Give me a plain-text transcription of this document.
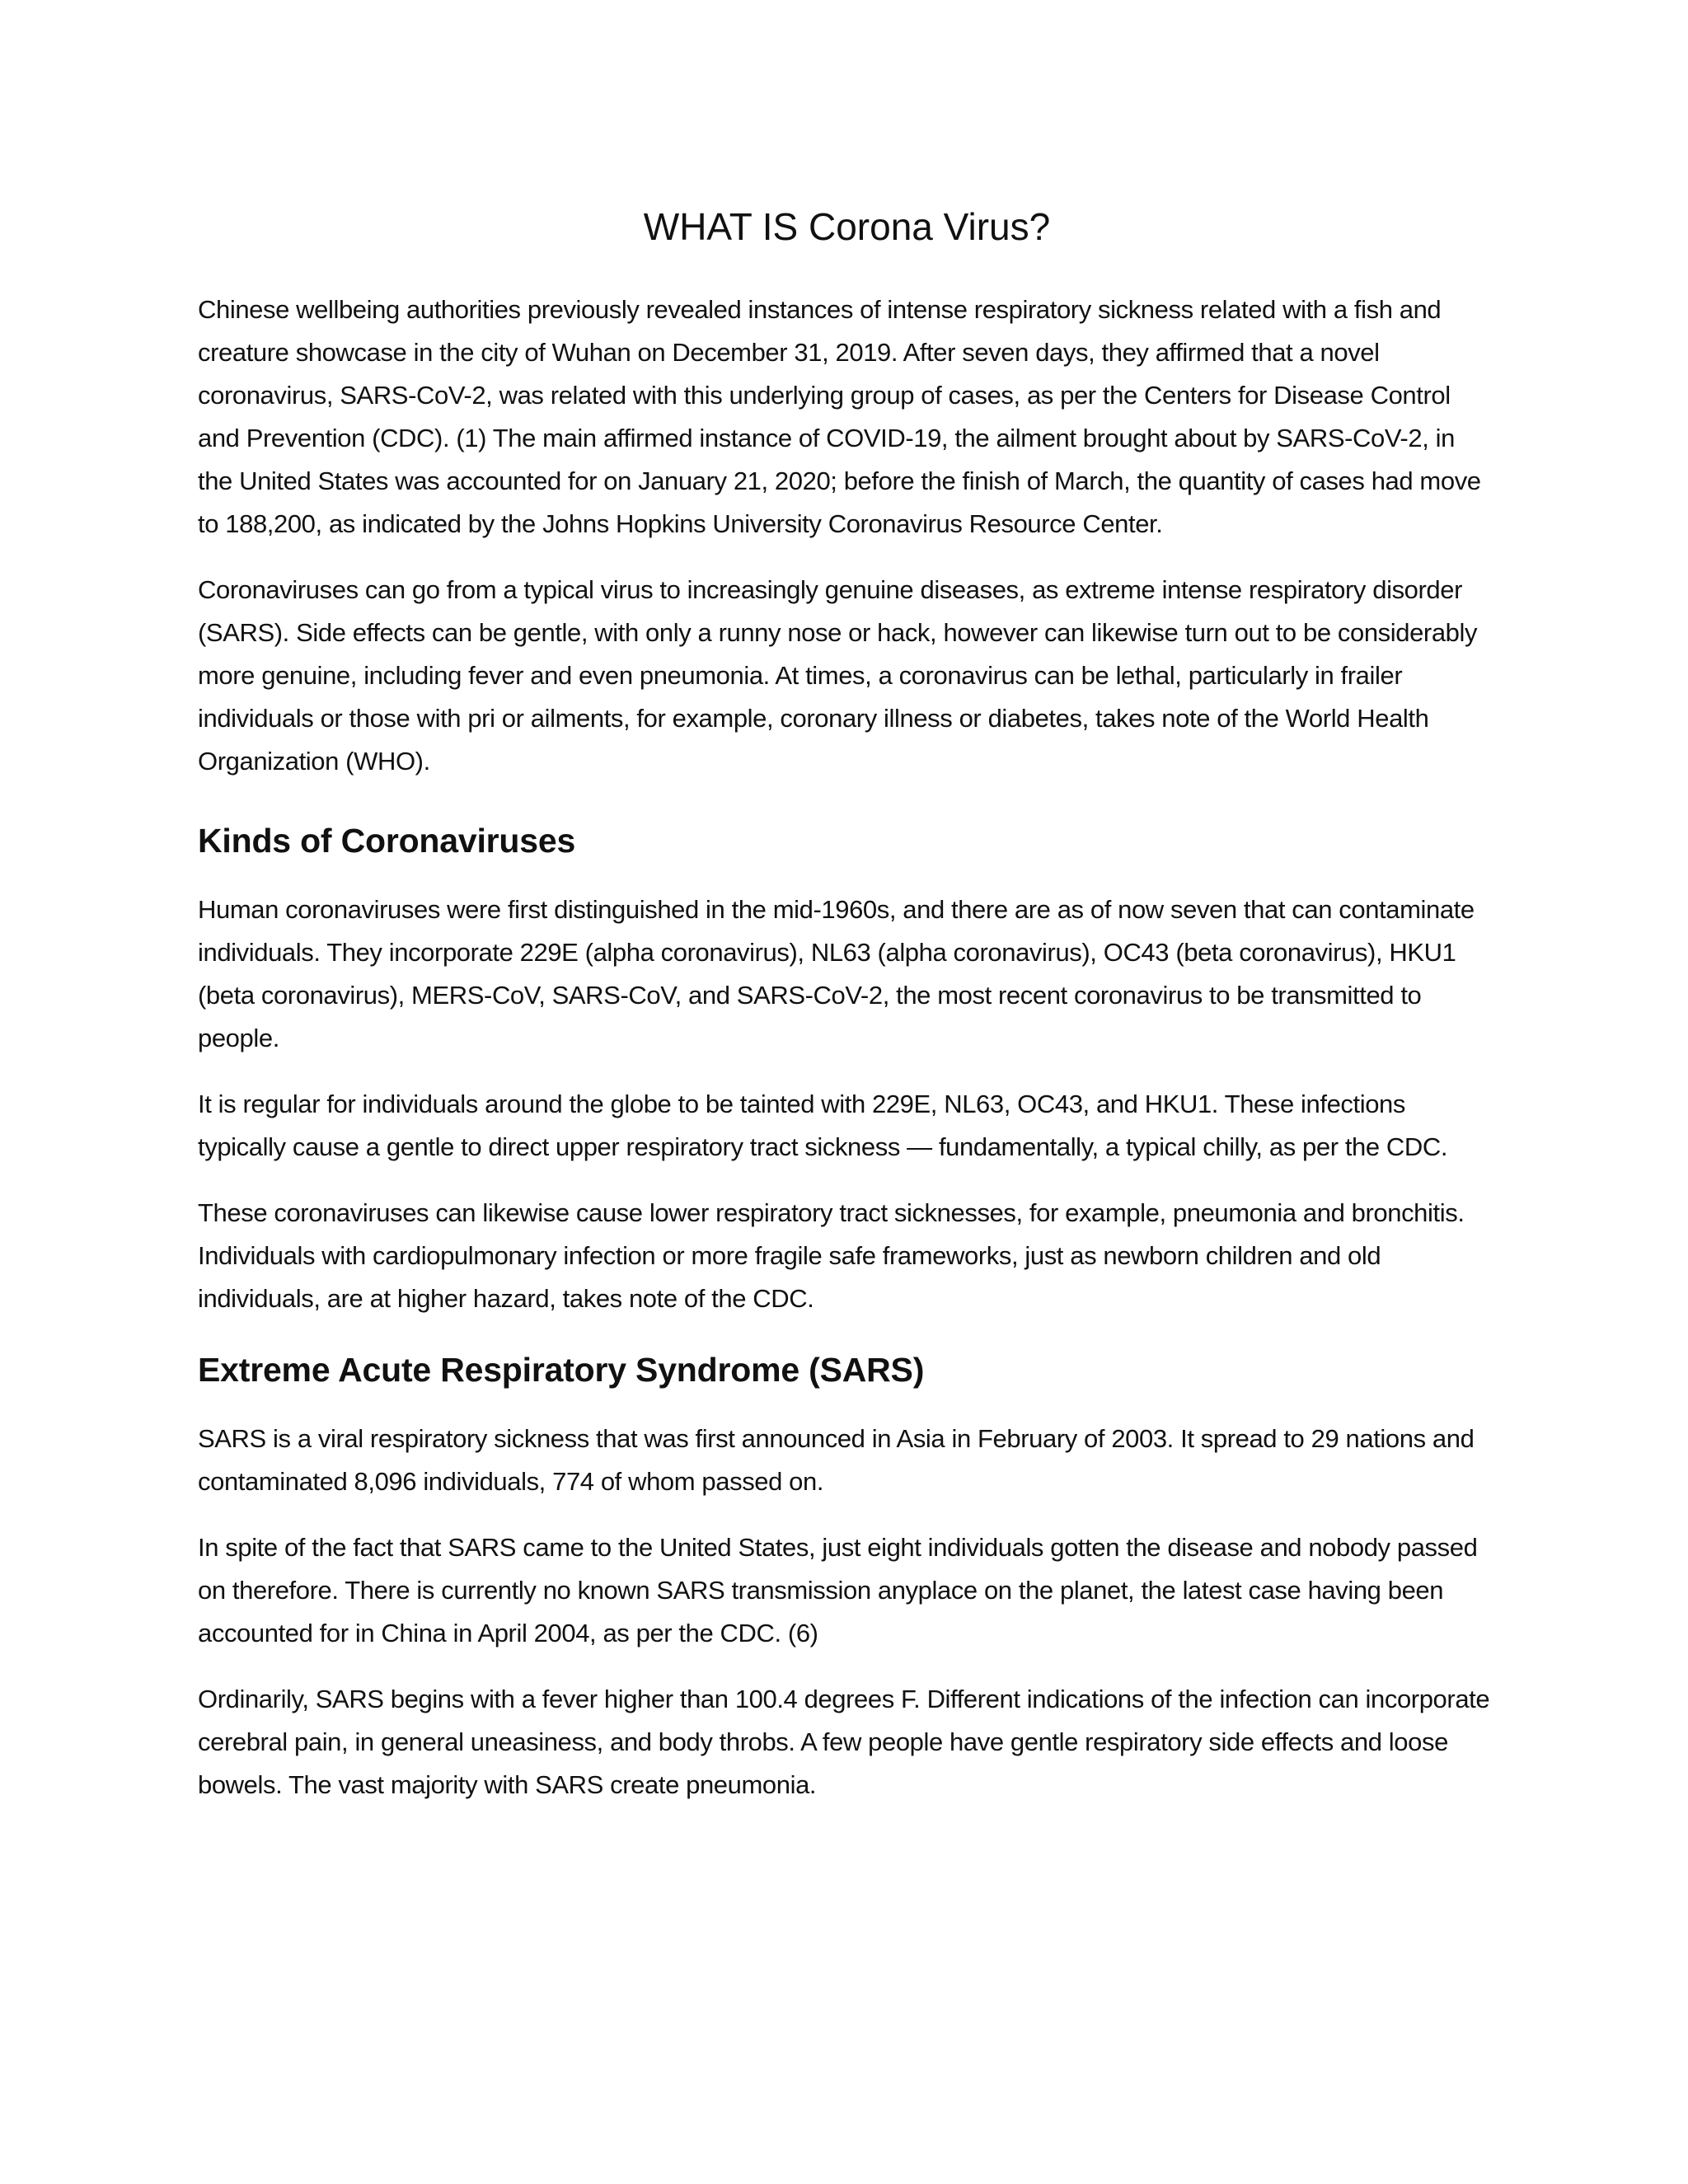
WHAT IS Corona Virus?

Chinese wellbeing authorities previously revealed instances of intense respiratory sickness related with a fish and creature showcase in the city of Wuhan on December 31, 2019. After seven days, they affirmed that a novel coronavirus, SARS-CoV-2, was related with this underlying group of cases, as per the Centers for Disease Control and Prevention (CDC). (1) The main affirmed instance of COVID-19, the ailment brought about by SARS-CoV-2, in the United States was accounted for on January 21, 2020; before the finish of March, the quantity of cases had move to 188,200, as indicated by the Johns Hopkins University Coronavirus Resource Center.

Coronaviruses can go from a typical virus to increasingly genuine diseases, as extreme intense respiratory disorder (SARS). Side effects can be gentle, with only a runny nose or hack, however can likewise turn out to be considerably more genuine, including fever and even pneumonia. At times, a coronavirus can be lethal, particularly in frailer individuals or those with pri or ailments, for example, coronary illness or diabetes, takes note of the World Health Organization (WHO).

Kinds of Coronaviruses

Human coronaviruses were first distinguished in the mid-1960s, and there are as of now seven that can contaminate individuals. They incorporate 229E (alpha coronavirus), NL63 (alpha coronavirus), OC43 (beta coronavirus), HKU1 (beta coronavirus), MERS-CoV, SARS-CoV, and SARS-CoV-2, the most recent coronavirus to be transmitted to people.

It is regular for individuals around the globe to be tainted with 229E, NL63, OC43, and HKU1. These infections typically cause a gentle to direct upper respiratory tract sickness — fundamentally, a typical chilly, as per the CDC.

These coronaviruses can likewise cause lower respiratory tract sicknesses, for example, pneumonia and bronchitis. Individuals with cardiopulmonary infection or more fragile safe frameworks, just as newborn children and old individuals, are at higher hazard, takes note of the CDC.

Extreme Acute Respiratory Syndrome (SARS)

SARS is a viral respiratory sickness that was first announced in Asia in February of 2003. It spread to 29 nations and contaminated 8,096 individuals, 774 of whom passed on.

In spite of the fact that SARS came to the United States, just eight individuals gotten the disease and nobody passed on therefore. There is currently no known SARS transmission anyplace on the planet, the latest case having been accounted for in China in April 2004, as per the CDC. (6)

Ordinarily, SARS begins with a fever higher than 100.4 degrees F. Different indications of the infection can incorporate cerebral pain, in general uneasiness, and body throbs. A few people have gentle respiratory side effects and loose bowels. The vast majority with SARS create pneumonia.
